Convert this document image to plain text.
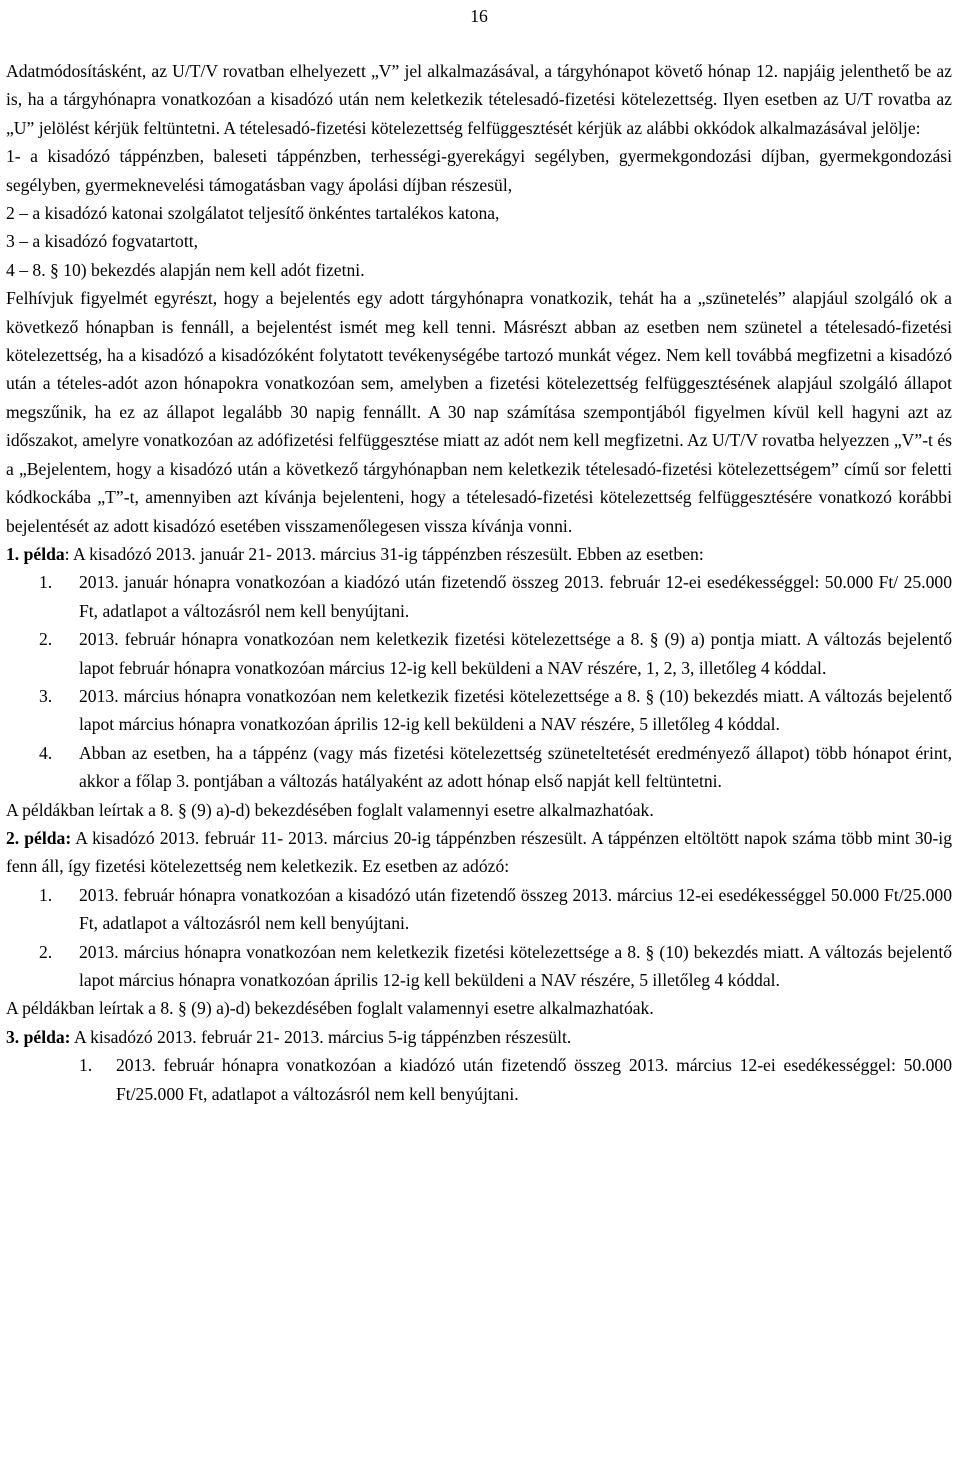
16

Adatmódosításként, az U/T/V rovatban elhelyezett „V” jel alkalmazásával, a tárgyhónapot követő hónap 12. napjáig jelenthető be az is, ha a tárgyhónapra vonatkozóan a kisadózó után nem keletkezik tételesadó-fizetési kötelezettség. Ilyen esetben az U/T rovatba az „U” jelölést kérjük feltüntetni. A tételesadó-fizetési kötelezettség felfüggesztését kérjük az alábbi okkódok alkalmazásával jelölje:

1- a kisadózó táppénzben, baleseti táppénzben, terhességi-gyerekágyi segélyben, gyermekgondozási díjban, gyermekgondozási segélyben, gyermeknevelési támogatásban vagy ápolási díjban részesül,

2 – a kisadózó katonai szolgálatot teljesítő önkéntes tartalékos katona,

3 – a kisadózó fogvatartott,

4 – 8. § 10) bekezdés alapján nem kell adót fizetni.

Felhívjuk figyelmét egyrészt, hogy a bejelentés egy adott tárgyhónapra vonatkozik, tehát ha a „szünetelés” alapjául szolgáló ok a következő hónapban is fennáll, a bejelentést ismét meg kell tenni. Másrészt abban az esetben nem szünetel a tételesadó-fizetési kötelezettség, ha a kisadózó a kisadózóként folytatott tevékenységébe tartozó munkát végez. Nem kell továbbá megfizetni a kisadózó után a tételes-adót azon hónapokra vonatkozóan sem, amelyben a fizetési kötelezettség felfüggesztésének alapjául szolgáló állapot megszűnik, ha ez az állapot legalább 30 napig fennállt. A 30 nap számítása szempontjából figyelmen kívül kell hagyni azt az időszakot, amelyre vonatkozóan az adófizetési felfüggesztése miatt az adót nem kell megfizetni. Az U/T/V rovatba helyezzen „V”-t és a „Bejelentem, hogy a kisadózó után a következő tárgyhónapban nem keletkezik tételesadó-fizetési kötelezettségem” című sor feletti kódkockába „T”-t, amennyiben azt kívánja bejelenteni, hogy a tételesadó-fizetési kötelezettség felfüggesztésére vonatkozó korábbi bejelentését az adott kisadózó esetében visszamenőlegesen vissza kívánja vonni.

1. példa: A kisadózó 2013. január 21- 2013. március 31-ig táppénzben részesült. Ebben az esetben:

1. 2013. január hónapra vonatkozóan a kiadózó után fizetendő összeg 2013. február 12-ei esedékességgel: 50.000 Ft/ 25.000 Ft, adatlapot a változásról nem kell benyújtani.
2. 2013. február hónapra vonatkozóan nem keletkezik fizetési kötelezettsége a 8. § (9) a) pontja miatt. A változás bejelentő lapot február hónapra vonatkozóan március 12-ig kell beküldeni a NAV részére, 1, 2, 3, illetőleg 4 kóddal.
3. 2013. március hónapra vonatkozóan nem keletkezik fizetési kötelezettsége a 8. § (10) bekezdés miatt. A változás bejelentő lapot március hónapra vonatkozóan április 12-ig kell beküldeni a NAV részére, 5 illetőleg 4 kóddal.
4. Abban az esetben, ha a táppénz (vagy más fizetési kötelezettség szüneteltetését eredményező állapot) több hónapot érint, akkor a főlap 3. pontjában a változás hatályaként az adott hónap első napját kell feltüntetni.

A példákban leírtak a 8. § (9) a)-d) bekezdésében foglalt valamennyi esetre alkalmazhatóak.

2. példa: A kisadózó 2013. február 11- 2013. március 20-ig táppénzben részesült. A táppénzen eltöltött napok száma több mint 30-ig fenn áll, így fizetési kötelezettség nem keletkezik. Ez esetben az adózó:

1. 2013. február hónapra vonatkozóan a kisadózó után fizetendő összeg 2013. március 12-ei esedékességgel 50.000 Ft/25.000 Ft, adatlapot a változásról nem kell benyújtani.
2. 2013. március hónapra vonatkozóan nem keletkezik fizetési kötelezettsége a 8. § (10) bekezdés miatt. A változás bejelentő lapot március hónapra vonatkozóan április 12-ig kell beküldeni a NAV részére, 5 illetőleg 4 kóddal.

A példákban leírtak a 8. § (9) a)-d) bekezdésében foglalt valamennyi esetre alkalmazhatóak.

3. példa: A kisadózó 2013. február 21- 2013. március 5-ig táppénzben részesült.

1. 2013. február hónapra vonatkozóan a kiadózó után fizetendő összeg 2013. március 12-ei esedékességgel: 50.000 Ft/25.000 Ft, adatlapot a változásról nem kell benyújtani.
